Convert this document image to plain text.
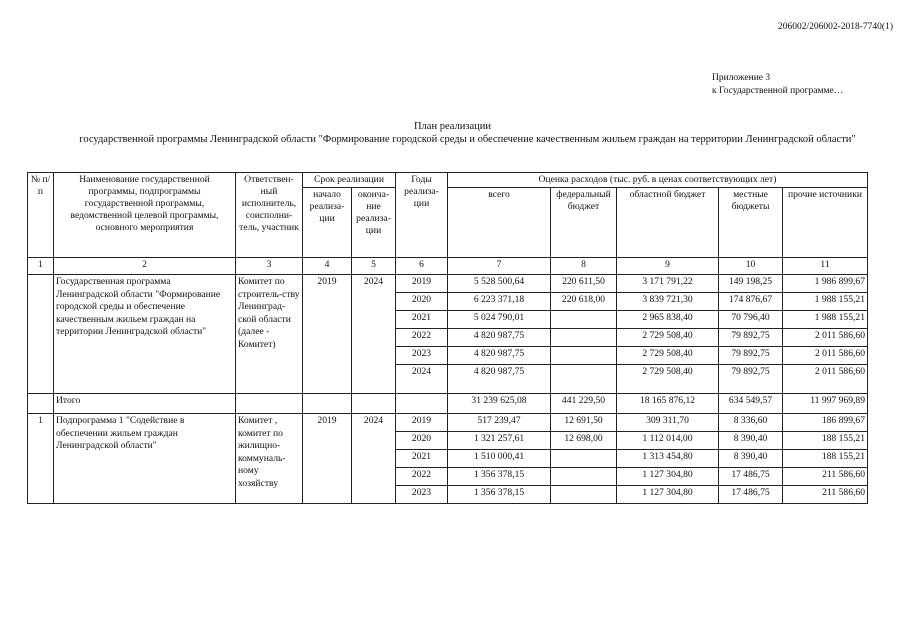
206002/206002-2018-7740(1)
Приложение 3
к Государственной программе…
План реализации
государственной программы Ленинградской области "Формирование городской среды и обеспечение качественным жильем граждан на территории Ленинградской области"
№ п/п	Наименование государственной программы, подпрограммы государственной программы, ведомственной целевой программы, основного мероприятия	Ответствен-ный исполнитель, соисполни-тель, участник	Срок реализации		Годы реализа-ции	Оценка расходов (тыс. руб. в ценах соответствующих лет)				
			начало реализа-ции	оконча-ние реализа-ции		всего	федеральный бюджет	областной бюджет	местные бюджеты	прочие источники
1	2	3	4	5	6	7	8	9	10	11
	Государственная программа Ленинградской области "Формирование городской среды и обеспечение качественным жильем граждан на территории Ленинградской области"	Комитет по строитель-ству Ленинград-ской области (далее - Комитет)	2019	2024	2019	5 528 500,64	220 611,50	3 171 791,22	149 198,25	1 986 899,67
					2020	6 223 371,18	220 618,00	3 839 721,30	174 876,67	1 988 155,21
					2021	5 024 790,01		2 965 838,40	70 796,40	1 988 155,21
					2022	4 820 987,75		2 729 508,40	79 892,75	2 011 586,60
					2023	4 820 987,75		2 729 508,40	79 892,75	2 011 586,60
					2024	4 820 987,75		2 729 508,40	79 892,75	2 011 586,60
	Итого					31 239 625,08	441 229,50	18 165 876,12	634 549,57	11 997 969,89
1	Подпрограмма 1 "Содействие в обеспечении жильем граждан Ленинградской области"	Комитет , комитет по жилищно-коммуналь-ному хозяйству	2019	2024	2019	517 239,47	12 691,50	309 311,70	8 336,60	186 899,67
					2020	1 321 257,61	12 698,00	1 112 014,00	8 390,40	188 155,21
					2021	1 510 000,41		1 313 454,80	8 390,40	188 155,21
					2022	1 356 378,15		1 127 304,80	17 486,75	211 586,60
					2023	1 356 378,15		1 127 304,80	17 486,75	211 586,60
